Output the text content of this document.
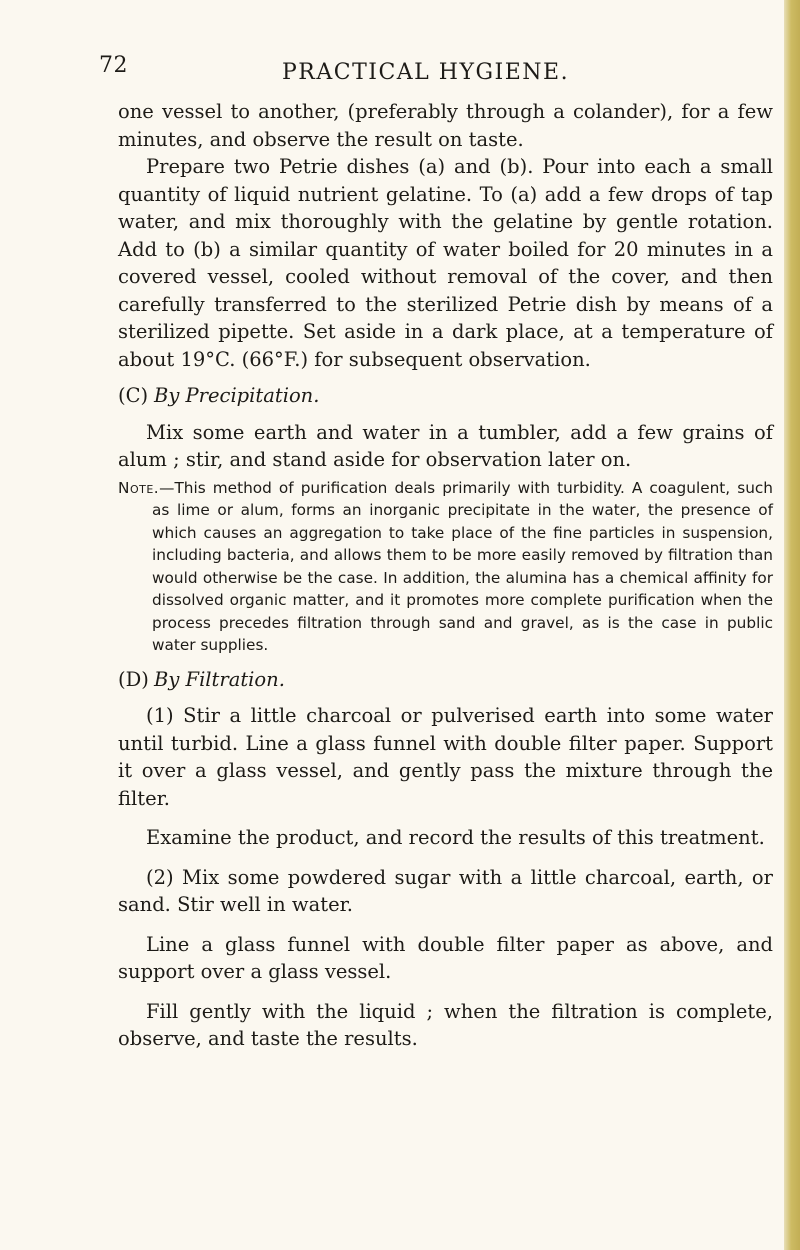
72	PRACTICAL HYGIENE.

one vessel to another, (preferably through a colander), for a few minutes, and observe the result on taste.

Prepare two Petrie dishes (a) and (b). Pour into each a small quantity of liquid nutrient gelatine. To (a) add a few drops of tap water, and mix thoroughly with the gelatine by gentle rotation. Add to (b) a similar quantity of water boiled for 20 minutes in a covered vessel, cooled without removal of the cover, and then carefully transferred to the sterilized Petrie dish by means of a sterilized pipette. Set aside in a dark place, at a temperature of about 19°C. (66°F.) for subsequent observation.

(C) By Precipitation.

Mix some earth and water in a tumbler, add a few grains of alum ; stir, and stand aside for observation later on.

Note.—This method of purification deals primarily with turbidity. A coagulent, such as lime or alum, forms an inorganic precipitate in the water, the presence of which causes an aggregation to take place of the fine particles in suspension, including bacteria, and allows them to be more easily removed by filtration than would otherwise be the case. In addition, the alumina has a chemical affinity for dissolved organic matter, and it promotes more complete purification when the process precedes filtration through sand and gravel, as is the case in public water supplies.

(D) By Filtration.

(1) Stir a little charcoal or pulverised earth into some water until turbid. Line a glass funnel with double filter paper. Support it over a glass vessel, and gently pass the mixture through the filter.

Examine the product, and record the results of this treatment.

(2) Mix some powdered sugar with a little charcoal, earth, or sand. Stir well in water.

Line a glass funnel with double filter paper as above, and support over a glass vessel.

Fill gently with the liquid ; when the filtration is complete, observe, and taste the results.
